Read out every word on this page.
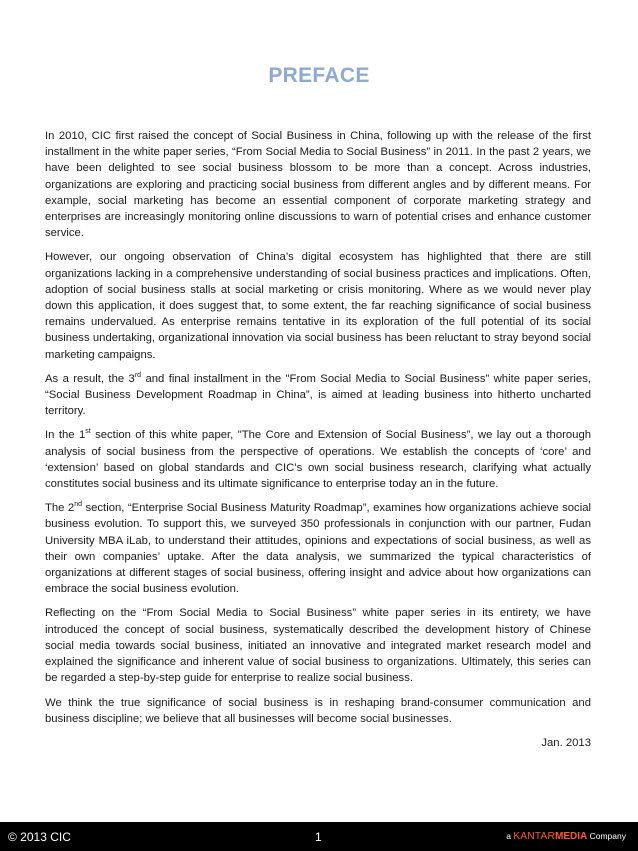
PREFACE

In 2010, CIC first raised the concept of Social Business in China, following up with the release of the first installment in the white paper series, “From Social Media to Social Business” in 2011. In the past 2 years, we have been delighted to see social business blossom to be more than a concept. Across industries, organizations are exploring and practicing social business from different angles and by different means. For example, social marketing has become an essential component of corporate marketing strategy and enterprises are increasingly monitoring online discussions to warn of potential crises and enhance customer service.

However, our ongoing observation of China’s digital ecosystem has highlighted that there are still organizations lacking in a comprehensive understanding of social business practices and implications. Often, adoption of social business stalls at social marketing or crisis monitoring. Where as we would never play down this application, it does suggest that, to some extent, the far reaching significance of social business remains undervalued. As enterprise remains tentative in its exploration of the full potential of its social business undertaking, organizational innovation via social business has been reluctant to stray beyond social marketing campaigns.

As a result, the 3rd and final installment in the "From Social Media to Social Business” white paper series, “Social Business Development Roadmap in China”, is aimed at leading business into hitherto uncharted territory.

In the 1st section of this white paper, "The Core and Extension of Social Business”, we lay out a thorough analysis of social business from the perspective of operations. We establish the concepts of ‘core’ and ‘extension’ based on global standards and CIC’s own social business research, clarifying what actually constitutes social business and its ultimate significance to enterprise today an in the future.

The 2nd section, “Enterprise Social Business Maturity Roadmap”, examines how organizations achieve social business evolution. To support this, we surveyed 350 professionals in conjunction with our partner, Fudan University MBA iLab, to understand their attitudes, opinions and expectations of social business, as well as their own companies’ uptake. After the data analysis, we summarized the typical characteristics of organizations at different stages of social business, offering insight and advice about how organizations can embrace the social business evolution.

Reflecting on the “From Social Media to Social Business” white paper series in its entirety, we have introduced the concept of social business, systematically described the development history of Chinese social media towards social business, initiated an innovative and integrated market research model and explained the significance and inherent value of social business to organizations. Ultimately, this series can be regarded a step-by-step guide for enterprise to realize social business.

We think the true significance of social business is in reshaping brand-consumer communication and business discipline; we believe that all businesses will become social businesses.

Jan. 2013

© 2013 CIC	1	a KANTARMEDIA Company
